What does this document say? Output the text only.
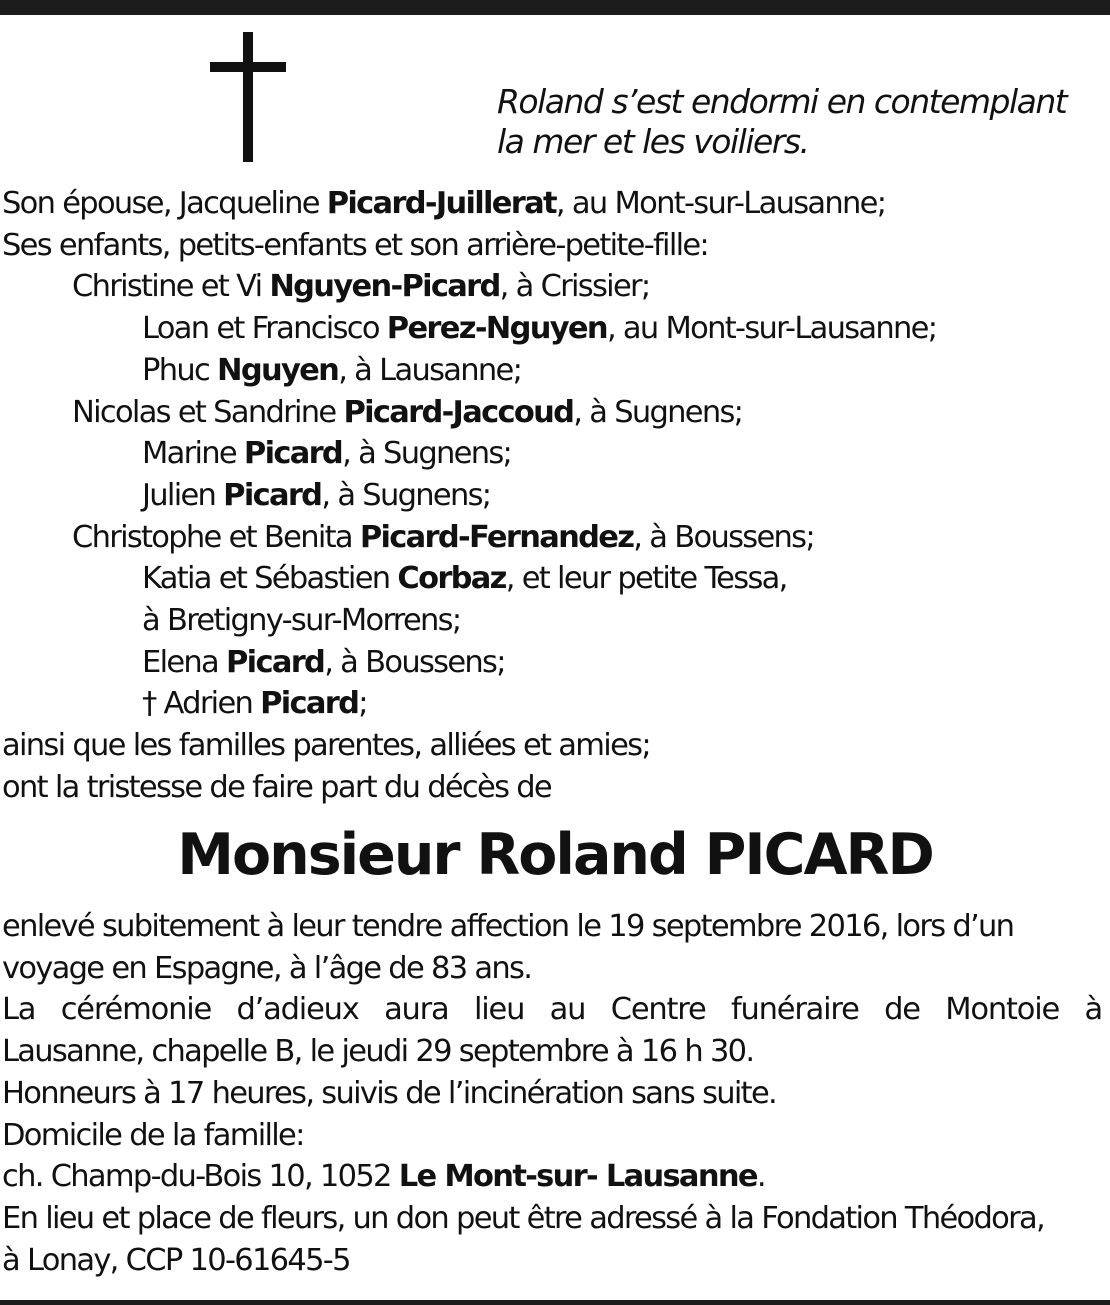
Roland s’est endormi en contemplant
la mer et les voiliers.
Son épouse, Jacqueline Picard-Juillerat, au Mont-sur-Lausanne;
Ses enfants, petits-enfants et son arrière-petite-fille:
Christine et Vi Nguyen-Picard, à Crissier;
Loan et Francisco Perez-Nguyen, au Mont-sur-Lausanne;
Phuc Nguyen, à Lausanne;
Nicolas et Sandrine Picard-Jaccoud, à Sugnens;
Marine Picard, à Sugnens;
Julien Picard, à Sugnens;
Christophe et Benita Picard-Fernandez, à Boussens;
Katia et Sébastien Corbaz, et leur petite Tessa,
à Bretigny-sur-Morrens;
Elena Picard, à Boussens;
† Adrien Picard;
ainsi que les familles parentes, alliées et amies;
ont la tristesse de faire part du décès de
Monsieur Roland PICARD
enlevé subitement à leur tendre affection le 19 septembre 2016, lors d’un
voyage en Espagne, à l’âge de 83 ans.
La cérémonie d’adieux aura lieu au Centre funéraire de Montoie à
Lausanne, chapelle B, le jeudi 29 septembre à 16 h 30.
Honneurs à 17 heures, suivis de l’incinération sans suite.
Domicile de la famille:
ch. Champ-du-Bois 10, 1052 Le Mont-sur- Lausanne.
En lieu et place de fleurs, un don peut être adressé à la Fondation Théodora,
à Lonay, CCP 10-61645-5
